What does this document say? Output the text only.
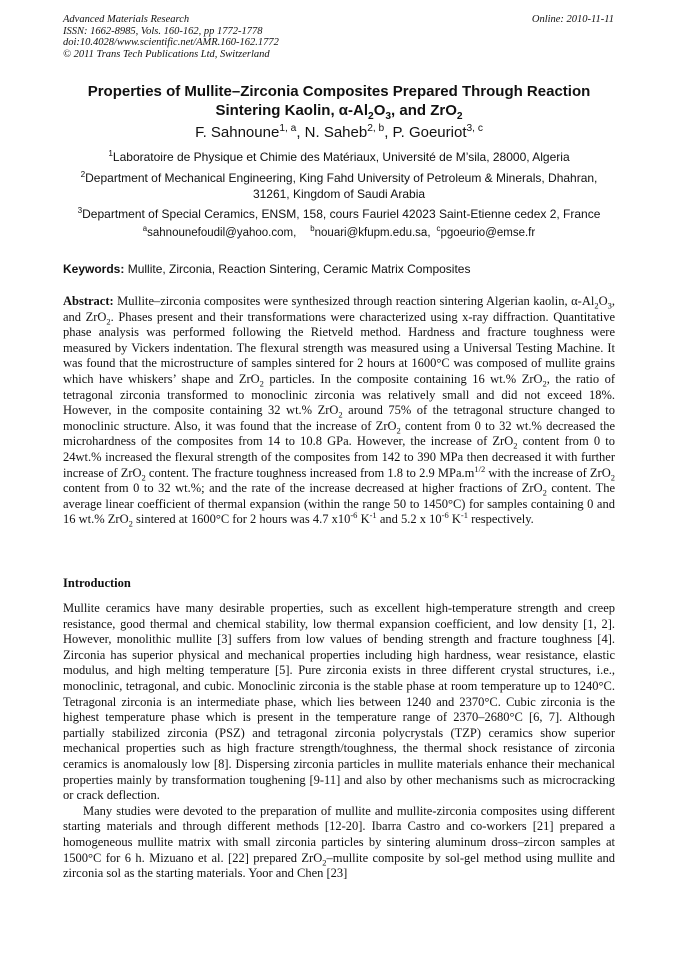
Advanced Materials Research
ISSN: 1662-8985, Vols. 160-162, pp 1772-1778
doi:10.4028/www.scientific.net/AMR.160-162.1772
© 2011 Trans Tech Publications Ltd, Switzerland
Online: 2010-11-11
Properties of Mullite–Zirconia Composites Prepared Through Reaction
Sintering Kaolin, $\alpha-Al_2O_3$, and ZrO$_2$
F. Sahnoune$^{1, a}$, N. Saheb$^{2, b}$, P. Goeuriot$^{3, c}$
$^1$Laboratoire de Physique et Chimie des Matériaux, Université de M’sila, 28000, Algeria
$^2$Department of Mechanical Engineering, King Fahd University of Petroleum & Minerals, Dhahran,
31261, Kingdom of Saudi Arabia
$^3$Department of Special Ceramics, ENSM, 158, cours Fauriel 42023 Saint-Etienne cedex 2, France
$^a$sahnounefoudil@yahoo.com, $^b$nouari@kfupm.edu.sa, $^c$pgoeurio@emse.fr
Keywords: Mullite, Zirconia, Reaction Sintering, Ceramic Matrix Composites
Abstract: Mullite–zirconia composites were synthesized through reaction sintering Algerian kaolin, $\alpha-Al_2O_3$, and ZrO$_2$. Phases present and their transformations were characterized using x-ray diffraction. Quantitative phase analysis was performed following the Rietveld method. Hardness and fracture toughness were measured by Vickers indentation. The flexural strength was measured using a Universal Testing Machine. It was found that the microstructure of samples sintered for 2 hours at 1600°C was composed of mullite grains which have whiskers’ shape and ZrO$_2$ particles. In the composite containing 16 wt.% ZrO$_2$, the ratio of tetragonal zirconia transformed to monoclinic zirconia was relatively small and did not exceed 18%. However, in the composite containing 32 wt.% ZrO$_2$ around 75% of the tetragonal structure changed to monoclinic structure. Also, it was found that the increase of ZrO$_2$ content from 0 to 32 wt.% decreased the microhardness of the composites from 14 to 10.8 GPa. However, the increase of ZrO$_2$ content from 0 to 24wt.% increased the flexural strength of the composites from 142 to 390 MPa then decreased it with further increase of ZrO$_2$ content. The fracture toughness increased from 1.8 to 2.9 $MPa.m^{1/2}$ with the increase of ZrO$_2$ content from 0 to 32 wt.%; and the rate of the increase decreased at higher fractions of ZrO$_2$ content. The average linear coefficient of thermal expansion (within the range 50 to 1450°C) for samples containing 0 and 16 wt.% ZrO$_2$ sintered at 1600°C for 2 hours was 4.7 $x10^{-6}$ $K^{-1}$ and 5.2 x $10^{-6}$ $K^{-1}$ respectively.
Introduction

Mullite ceramics have many desirable properties, such as excellent high-temperature strength and creep resistance, good thermal and chemical stability, low thermal expansion coefficient, and low density [1, 2]. However, monolithic mullite [3] suffers from low values of bending strength and fracture toughness [4]. Zirconia has superior physical and mechanical properties including high hardness, wear resistance, elastic modulus, and high melting temperature [5]. Pure zirconia exists in three different crystal structures, i.e., monoclinic, tetragonal, and cubic. Monoclinic zirconia is the stable phase at room temperature up to 1240°C. Tetragonal zirconia is an intermediate phase, which lies between 1240 and 2370°C. Cubic zirconia is the highest temperature phase which is present in the temperature range of 2370–2680°C [6, 7]. Although partially stabilized zirconia (PSZ) and tetragonal zirconia polycrystals (TZP) ceramics show superior mechanical properties such as high fracture strength/toughness, the thermal shock resistance of zirconia ceramics is anomalously low [8]. Dispersing zirconia particles in mullite materials enhance their mechanical properties mainly by transformation toughening [9-11] and also by other mechanisms such as microcracking or crack deflection.

Many studies were devoted to the preparation of mullite and mullite-zirconia composites using different starting materials and through different methods [12-20]. Ibarra Castro and co-workers [21] prepared a homogeneous mullite matrix with small zirconia particles by sintering aluminum dross–zircon samples at 1500°C for 6 h. Mizuano et al. [22] prepared ZrO$_2$–mullite composite by sol-gel method using mullite and zirconia sol as the starting materials. Yoor and Chen [23]
